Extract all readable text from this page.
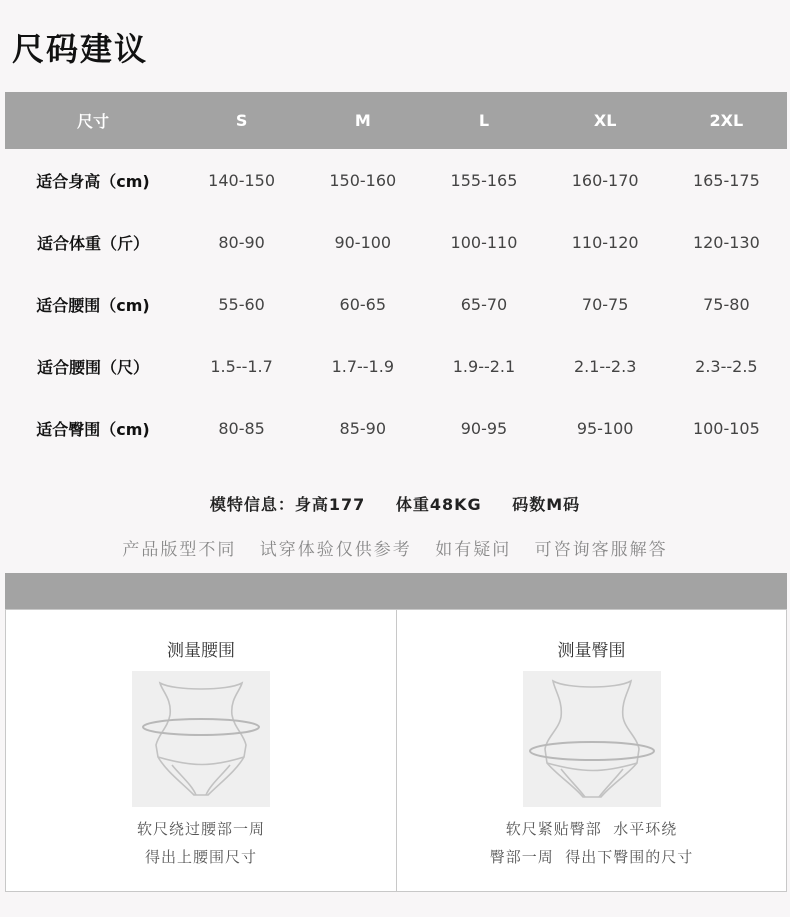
尺码建议
尺寸	S	M	L	XL	2XL
适合身高（cm)	140-150	150-160	155-165	160-170	165-175
适合体重（斤）	80-90	90-100	100-110	110-120	120-130
适合腰围（cm)	55-60	60-65	65-70	70-75	75-80
适合腰围（尺）	1.5--1.7	1.7--1.9	1.9--2.1	2.1--2.3	2.3--2.5
适合臀围（cm)	80-85	85-90	90-95	95-100	100-105
模特信息：身高177 体重48KG 码数M码
产品版型不同 试穿体验仅供参考 如有疑问 可咨询客服解答
测量腰围
软尺绕过腰部一周
得出上腰围尺寸
测量臀围
软尺紧贴臀部  水平环绕
臀部一周  得出下臀围的尺寸
